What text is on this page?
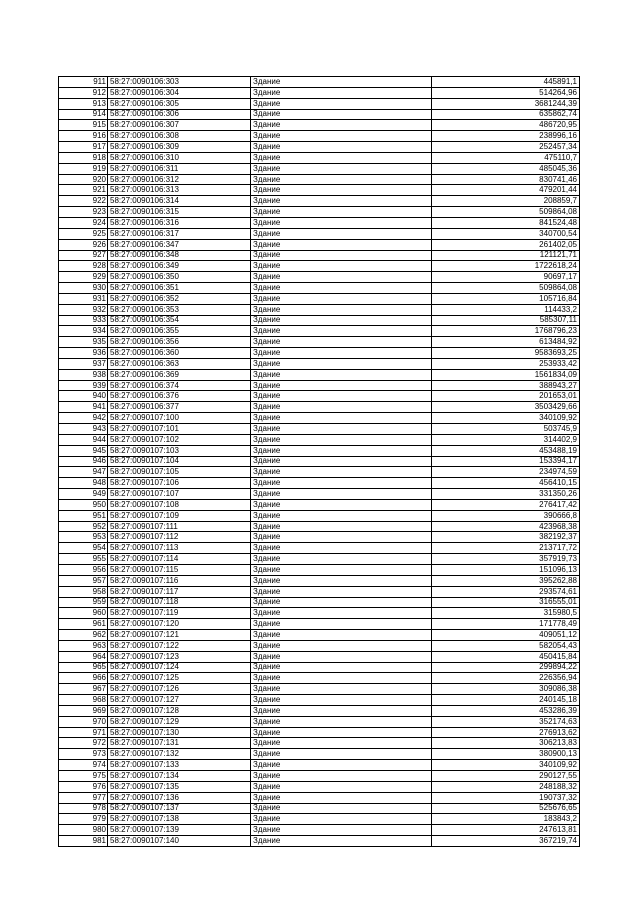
911	58:27:0090106:303	Здание	445891,1
912	58:27:0090106:304	Здание	514264,96
913	58:27:0090106:305	Здание	3681244,39
914	58:27:0090106:306	Здание	635862,74
915	58:27:0090106:307	Здание	486720,95
916	58:27:0090106:308	Здание	238996,16
917	58:27:0090106:309	Здание	252457,34
918	58:27:0090106:310	Здание	475110,7
919	58:27:0090106:311	Здание	485045,36
920	58:27:0090106:312	Здание	830741,46
921	58:27:0090106:313	Здание	479201,44
922	58:27:0090106:314	Здание	208859,7
923	58:27:0090106:315	Здание	509864,08
924	58:27:0090106:316	Здание	841524,48
925	58:27:0090106:317	Здание	340700,54
926	58:27:0090106:347	Здание	261402,05
927	58:27:0090106:348	Здание	121121,71
928	58:27:0090106:349	Здание	1722618,24
929	58:27:0090106:350	Здание	90697,17
930	58:27:0090106:351	Здание	509864,08
931	58:27:0090106:352	Здание	105716,84
932	58:27:0090106:353	Здание	114433,2
933	58:27:0090106:354	Здание	585307,11
934	58:27:0090106:355	Здание	1768796,23
935	58:27:0090106:356	Здание	613484,92
936	58:27:0090106:360	Здание	9583693,25
937	58:27:0090106:363	Здание	253933,42
938	58:27:0090106:369	Здание	1561834,09
939	58:27:0090106:374	Здание	388943,27
940	58:27:0090106:376	Здание	201653,01
941	58:27:0090106:377	Здание	3503429,66
942	58:27:0090107:100	Здание	340109,92
943	58:27:0090107:101	Здание	503745,9
944	58:27:0090107:102	Здание	314402,9
945	58:27:0090107:103	Здание	453488,19
946	58:27:0090107:104	Здание	153394,17
947	58:27:0090107:105	Здание	234974,59
948	58:27:0090107:106	Здание	456410,15
949	58:27:0090107:107	Здание	331350,26
950	58:27:0090107:108	Здание	276417,42
951	58:27:0090107:109	Здание	390666,8
952	58:27:0090107:111	Здание	423968,38
953	58:27:0090107:112	Здание	382192,37
954	58:27:0090107:113	Здание	213717,72
955	58:27:0090107:114	Здание	357919,73
956	58:27:0090107:115	Здание	151096,13
957	58:27:0090107:116	Здание	395262,88
958	58:27:0090107:117	Здание	293574,61
959	58:27:0090107:118	Здание	316555,01
960	58:27:0090107:119	Здание	315980,5
961	58:27:0090107:120	Здание	171778,49
962	58:27:0090107:121	Здание	409051,12
963	58:27:0090107:122	Здание	582054,43
964	58:27:0090107:123	Здание	450415,84
965	58:27:0090107:124	Здание	299894,22
966	58:27:0090107:125	Здание	226356,94
967	58:27:0090107:126	Здание	309086,38
968	58:27:0090107:127	Здание	240145,18
969	58:27:0090107:128	Здание	453286,39
970	58:27:0090107:129	Здание	352174,63
971	58:27:0090107:130	Здание	276913,62
972	58:27:0090107:131	Здание	306213,83
973	58:27:0090107:132	Здание	380900,13
974	58:27:0090107:133	Здание	340109,92
975	58:27:0090107:134	Здание	290127,55
976	58:27:0090107:135	Здание	248188,32
977	58:27:0090107:136	Здание	190737,32
978	58:27:0090107:137	Здание	525676,65
979	58:27:0090107:138	Здание	183843,2
980	58:27:0090107:139	Здание	247613,81
981	58:27:0090107:140	Здание	367219,74
